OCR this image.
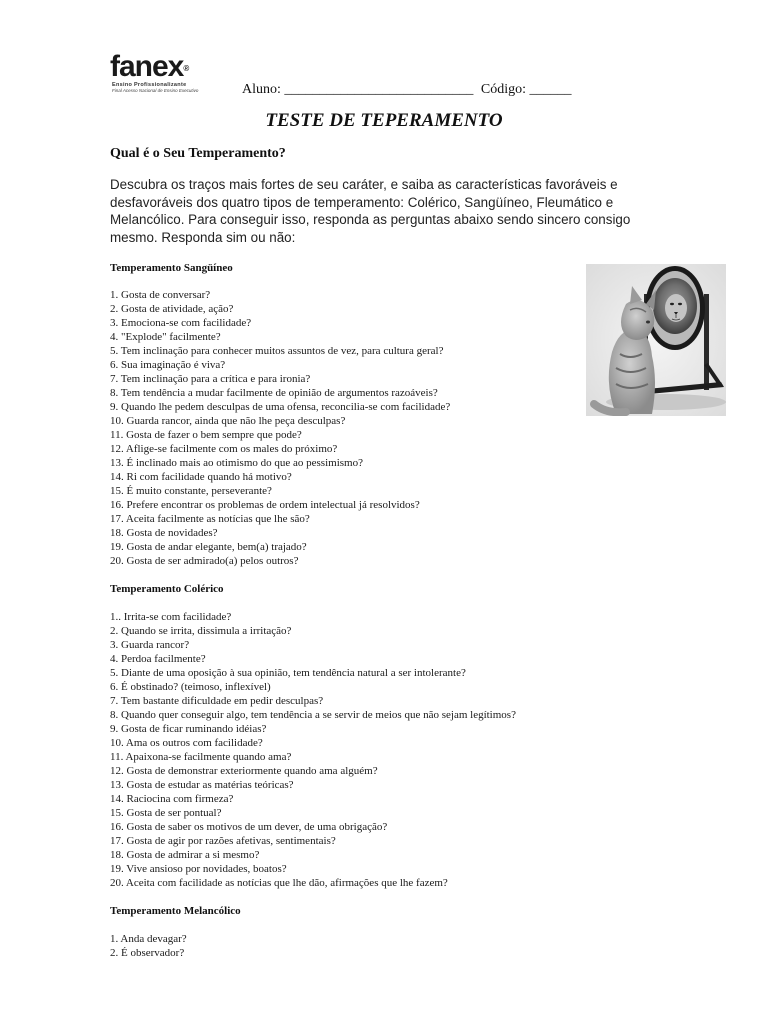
fanex®
Ensino Profissionalizante
Final Acesso Nacional de Ensino Executivo	Aluno: ___________________________ Código: ______
TESTE DE TEPERAMENTO
Qual é o Seu Temperamento?
Descubra os traços mais fortes de seu caráter, e saiba as características favoráveis e desfavoráveis dos quatro tipos de temperamento: Colérico, Sangüíneo, Fleumático e Melancólico. Para conseguir isso, responda as perguntas abaixo sendo sincero consigo mesmo. Responda sim ou não:
Temperamento Sangüíneo
1. Gosta de conversar?
2. Gosta de atividade, ação?
3. Emociona-se com facilidade?
4. "Explode" facilmente?
5. Tem inclinação para conhecer muitos assuntos de vez, para cultura geral?
6. Sua imaginação é viva?
7. Tem inclinação para a crítica e para ironia?
8. Tem tendência a mudar facilmente de opinião de argumentos razoáveis?
9. Quando lhe pedem desculpas de uma ofensa, reconcilia-se com facilidade?
10. Guarda rancor, ainda que não lhe peça desculpas?
11. Gosta de fazer o bem sempre que pode?
12. Aflige-se facilmente com os males do próximo?
13. É inclinado mais ao otimismo do que ao pessimismo?
14. Ri com facilidade quando há motivo?
15. É muito constante, perseverante?
16. Prefere encontrar os problemas de ordem intelectual já resolvidos?
17. Aceita facilmente as notícias que lhe são?
18. Gosta de novidades?
19. Gosta de andar elegante, bem(a) trajado?
20. Gosta de ser admirado(a) pelos outros?
Temperamento Colérico
1.. Irrita-se com facilidade?
2. Quando se irrita, dissimula a irritação?
3. Guarda rancor?
4. Perdoa facilmente?
5. Diante de uma oposição à sua opinião, tem tendência natural a ser intolerante?
6. É obstinado? (teimoso, inflexível)
7. Tem bastante dificuldade em pedir desculpas?
8. Quando quer conseguir algo, tem tendência a se servir de meios que não sejam legítimos?
9. Gosta de ficar ruminando idéias?
10. Ama os outros com facilidade?
11. Apaixona-se facilmente quando ama?
12. Gosta de demonstrar exteriormente quando ama alguém?
13. Gosta de estudar as matérias teóricas?
14. Raciocina com firmeza?
15. Gosta de ser pontual?
16. Gosta de saber os motivos de um dever, de uma obrigação?
17. Gosta de agir por razões afetivas, sentimentais?
18. Gosta de admirar a si mesmo?
19. Vive ansioso por novidades, boatos?
20. Aceita com facilidade as notícias que lhe dão, afirmações que lhe fazem?
Temperamento Melancólico
1. Anda devagar?
2. É observador?
